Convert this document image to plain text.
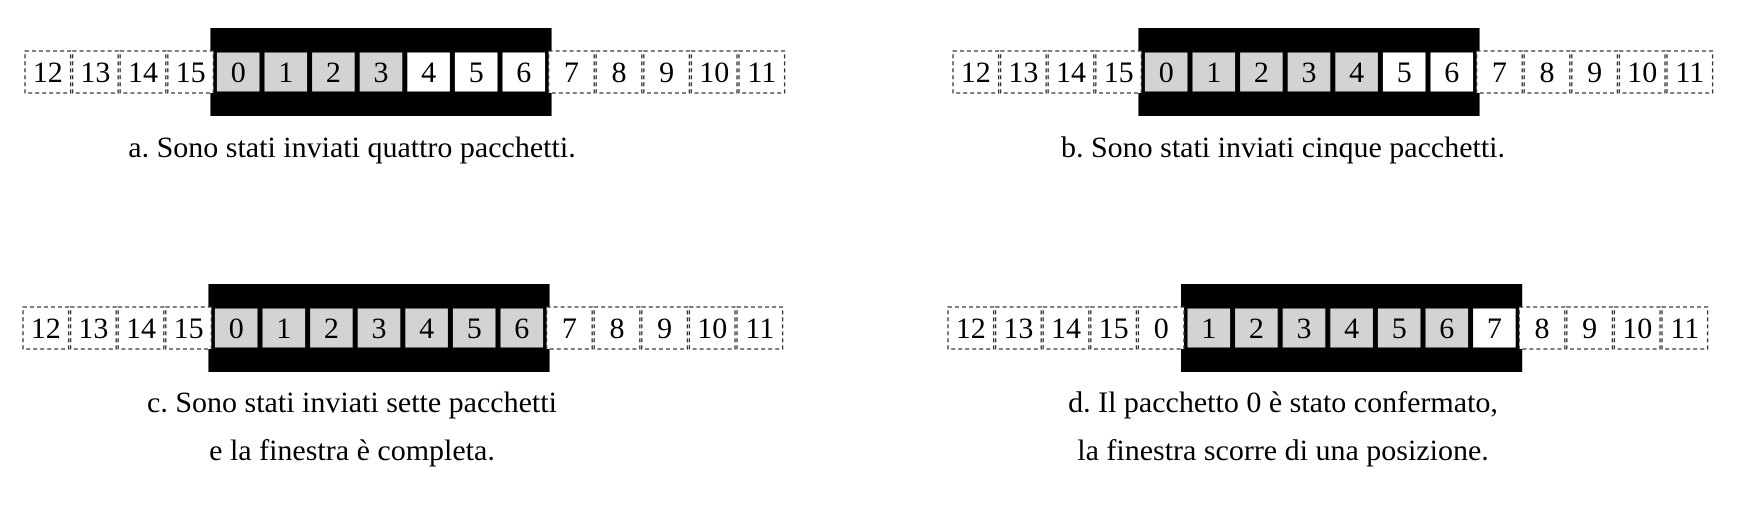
12 13 14 15 0 1 2 3 4 5 6 7 8 9 10 11
a. Sono stati inviati quattro pacchetti.
12 13 14 15 0 1 2 3 4 5 6 7 8 9 10 11
b. Sono stati inviati cinque pacchetti.
12 13 14 15 0 1 2 3 4 5 6 7 8 9 10 11
c. Sono stati inviati sette pacchetti
e la finestra è completa.
12 13 14 15 0 1 2 3 4 5 6 7 8 9 10 11
d. Il pacchetto 0 è stato confermato,
la finestra scorre di una posizione.
